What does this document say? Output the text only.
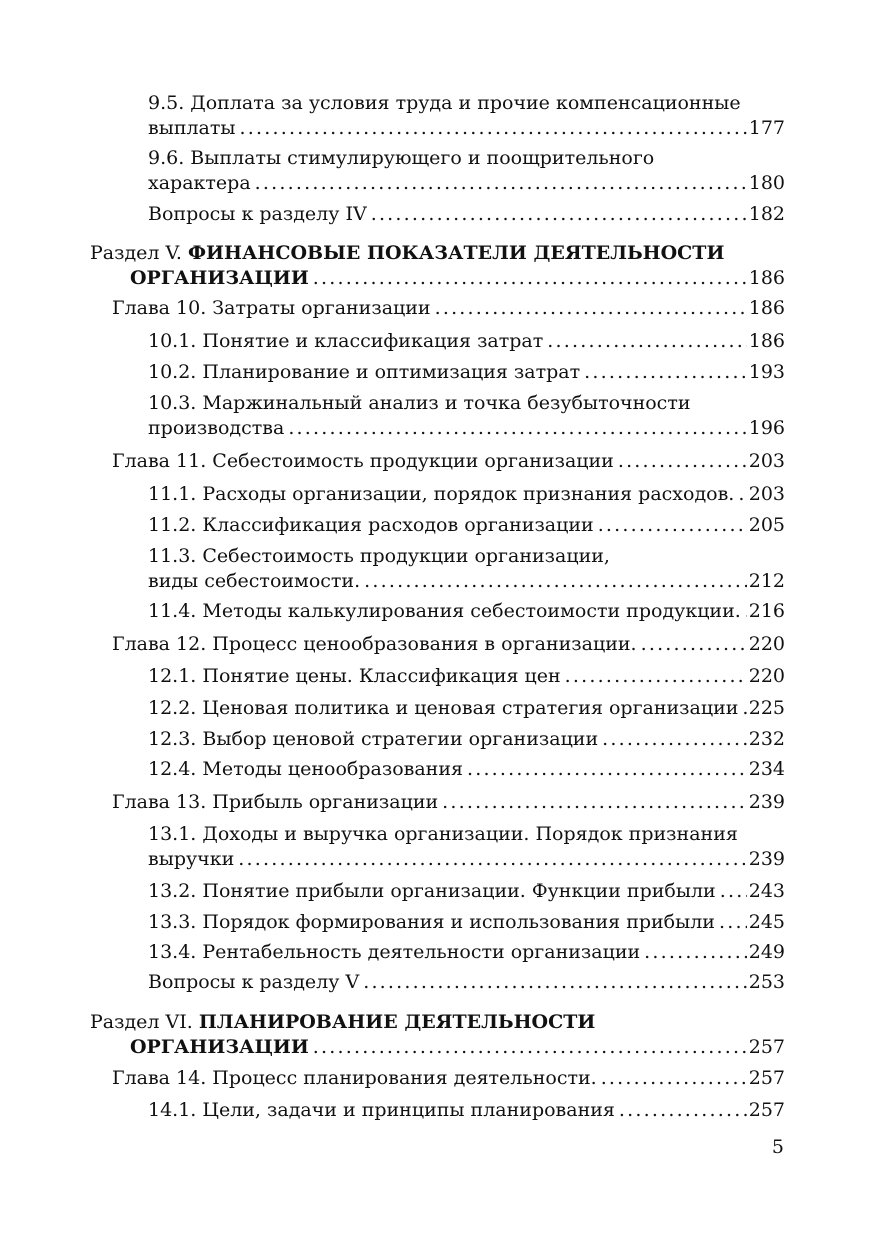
9.5. Доплата за условия труда и прочие компенсационные
выплаты .....	177
9.6. Выплаты стимулирующего и поощрительного
характера .....	180
Вопросы к разделу IV .....	182
Раздел V. ФИНАНСОВЫЕ ПОКАЗАТЕЛИ ДЕЯТЕЛЬНОСТИ
ОРГАНИЗАЦИИ .....	186
Глава 10. Затраты организации .....	186
10.1. Понятие и классификация затрат .....	186
10.2. Планирование и оптимизация затрат .....	193
10.3. Маржинальный анализ и точка безубыточности
производства .....	196
Глава 11. Себестоимость продукции организации .....	203
11.1. Расходы организации, порядок признания расходов. ..... 203
11.2. Классификация расходов организации .....	205
11.3. Себестоимость продукции организации,
виды себестоимости. .....	212
11.4. Методы калькулирования себестоимости продукции. ..... 216
Глава 12. Процесс ценообразования в организации. .....	220
12.1. Понятие цены. Классификация цен .....	220
12.2. Ценовая политика и ценовая стратегия организации ..... 225
12.3. Выбор ценовой стратегии организации .....	232
12.4. Методы ценообразования .....	234
Глава 13. Прибыль организации .....	239
13.1. Доходы и выручка организации. Порядок признания
выручки .....	239
13.2. Понятие прибыли организации. Функции прибыли ..... 243
13.3. Порядок формирования и использования прибыли ..... 245
13.4. Рентабельность деятельности организации .....	249
Вопросы к разделу V .....	253
Раздел VI. ПЛАНИРОВАНИЕ ДЕЯТЕЛЬНОСТИ
ОРГАНИЗАЦИИ .....	257
Глава 14. Процесс планирования деятельности. .....	257
14.1. Цели, задачи и принципы планирования .....	257
5
